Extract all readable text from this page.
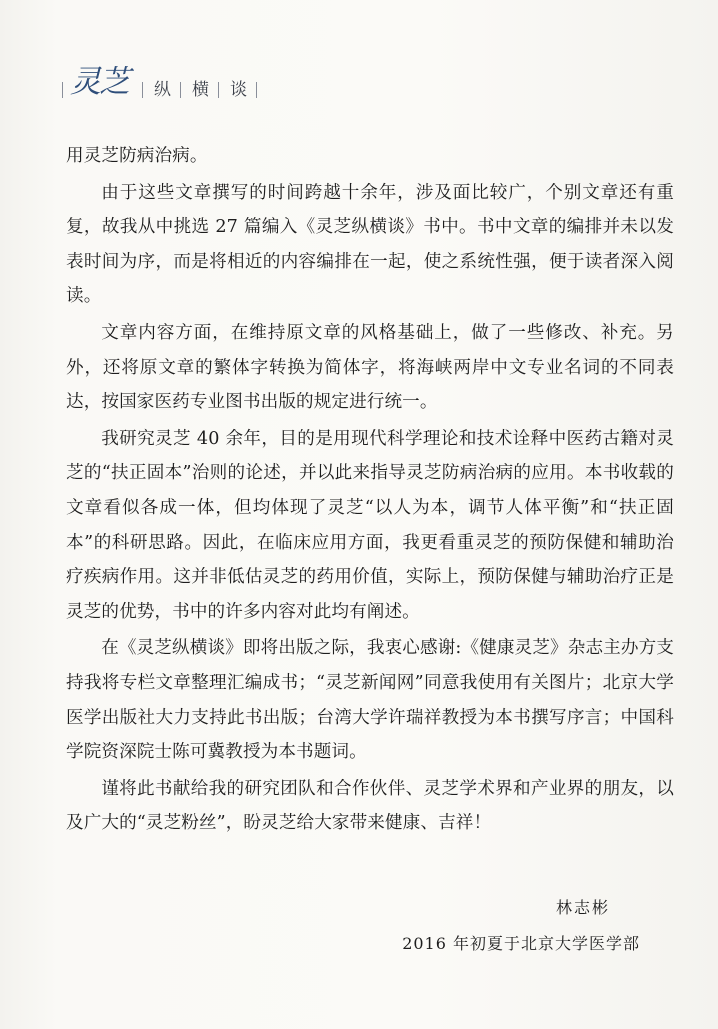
灵芝 纵 横 谈

用灵芝防病治病。

由于这些文章撰写的时间跨越十余年，涉及面比较广，个别文章还有重复，故我从中挑选 27 篇编入《灵芝纵横谈》书中。书中文章的编排并未以发表时间为序，而是将相近的内容编排在一起，使之系统性强，便于读者深入阅读。

文章内容方面，在维持原文章的风格基础上，做了一些修改、补充。另外，还将原文章的繁体字转换为简体字，将海峡两岸中文专业名词的不同表达，按国家医药专业图书出版的规定进行统一。

我研究灵芝 40 余年，目的是用现代科学理论和技术诠释中医药古籍对灵芝的“扶正固本”治则的论述，并以此来指导灵芝防病治病的应用。本书收载的文章看似各成一体，但均体现了灵芝“以人为本，调节人体平衡”和“扶正固本”的科研思路。因此，在临床应用方面，我更看重灵芝的预防保健和辅助治疗疾病作用。这并非低估灵芝的药用价值，实际上，预防保健与辅助治疗正是灵芝的优势，书中的许多内容对此均有阐述。

在《灵芝纵横谈》即将出版之际，我衷心感谢:《健康灵芝》杂志主办方支持我将专栏文章整理汇编成书；“灵芝新闻网”同意我使用有关图片；北京大学医学出版社大力支持此书出版；台湾大学许瑞祥教授为本书撰写序言；中国科学院资深院士陈可冀教授为本书题词。

谨将此书献给我的研究团队和合作伙伴、灵芝学术界和产业界的朋友，以及广大的“灵芝粉丝”，盼灵芝给大家带来健康、吉祥！

林志彬
2016 年初夏于北京大学医学部
